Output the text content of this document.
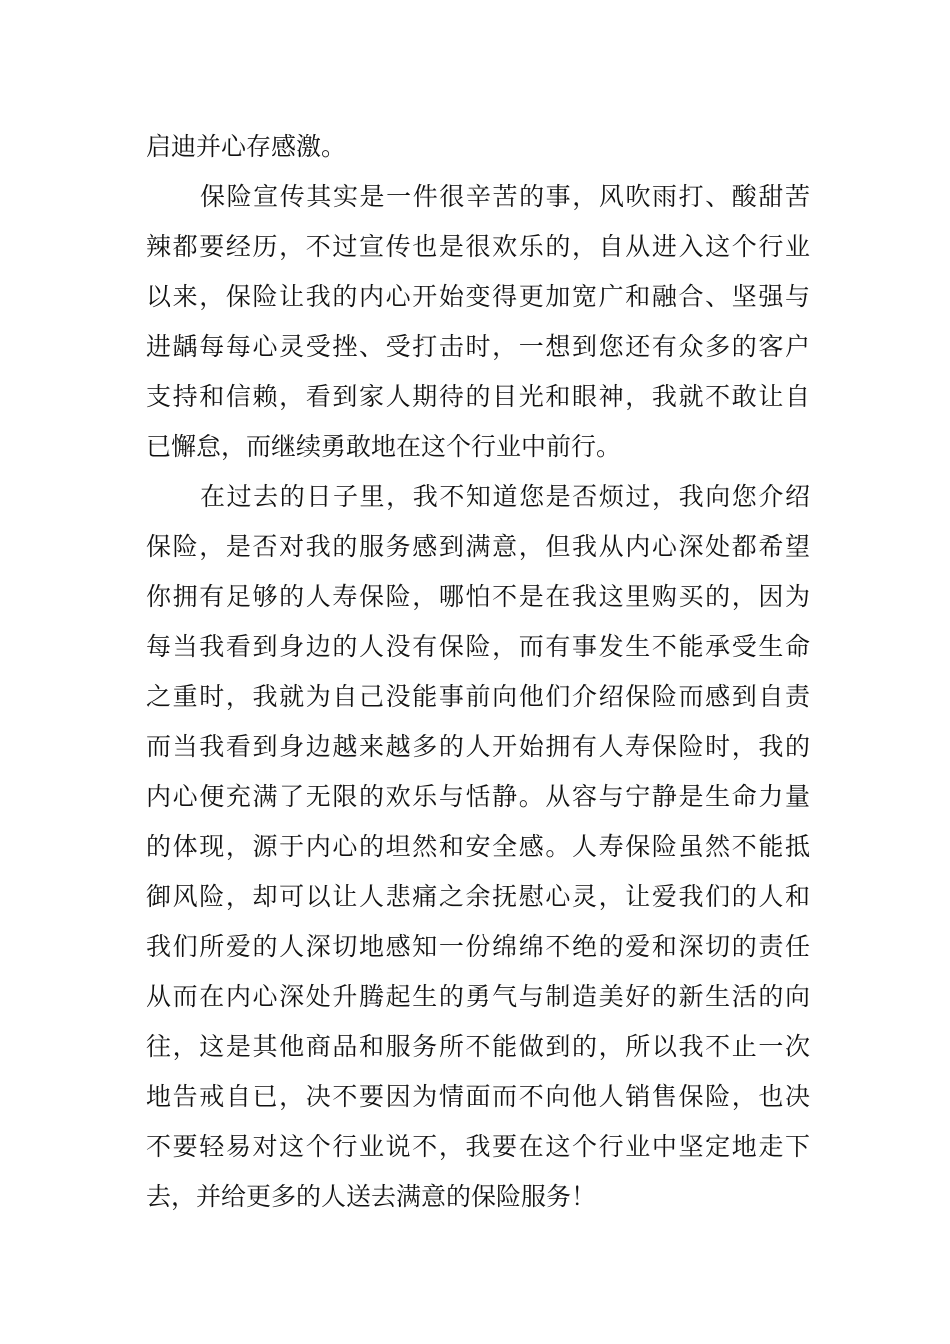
启迪并心存感激。
保险宣传其实是一件很辛苦的事，风吹雨打、酸甜苦
辣都要经历，不过宣传也是很欢乐的，自从进入这个行业
以来，保险让我的内心开始变得更加宽广和融合、坚强与
进龋每每心灵受挫、受打击时，一想到您还有众多的客户
支持和信赖，看到家人期待的目光和眼神，我就不敢让自
已懈怠，而继续勇敢地在这个行业中前行。
在过去的日子里，我不知道您是否烦过，我向您介绍
保险，是否对我的服务感到满意，但我从内心深处都希望
你拥有足够的人寿保险，哪怕不是在我这里购买的，因为
每当我看到身边的人没有保险，而有事发生不能承受生命
之重时，我就为自己没能事前向他们介绍保险而感到自责
而当我看到身边越来越多的人开始拥有人寿保险时，我的
内心便充满了无限的欢乐与恬静。从容与宁静是生命力量
的体现，源于内心的坦然和安全感。人寿保险虽然不能抵
御风险，却可以让人悲痛之余抚慰心灵，让爱我们的人和
我们所爱的人深切地感知一份绵绵不绝的爱和深切的责任
从而在内心深处升腾起生的勇气与制造美好的新生活的向
往，这是其他商品和服务所不能做到的，所以我不止一次
地告戒自已，决不要因为情面而不向他人销售保险，也决
不要轻易对这个行业说不，我要在这个行业中坚定地走下
去，并给更多的人送去满意的保险服务！
